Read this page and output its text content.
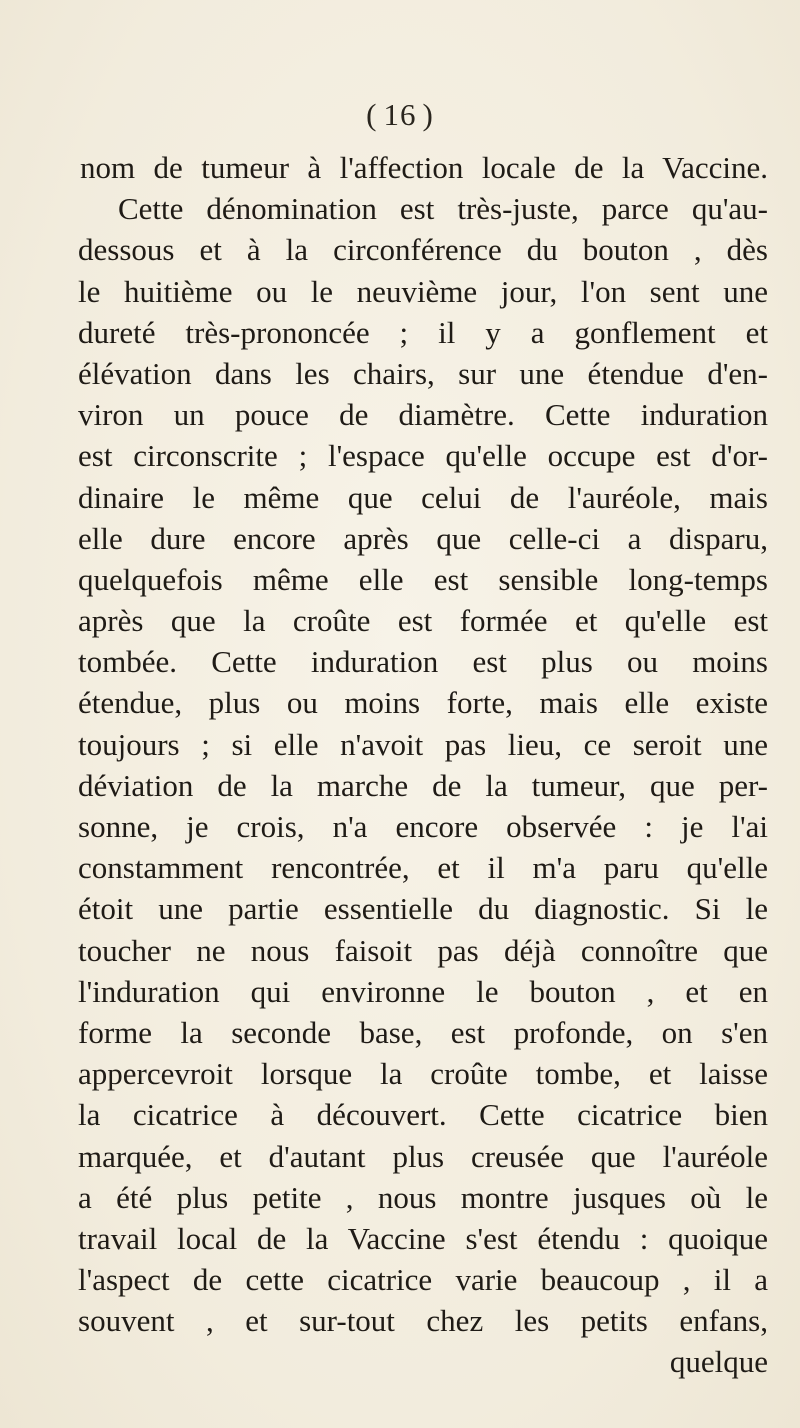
( 16 )
nom de tumeur à l'affection locale de la Vaccine.
Cette dénomination est très-juste, parce qu'au-
dessous et à la circonférence du bouton , dès
le huitième ou le neuvième jour, l'on sent une
dureté très-prononcée ; il y a gonflement et
élévation dans les chairs, sur une étendue d'en-
viron un pouce de diamètre. Cette induration
est circonscrite ; l'espace qu'elle occupe est d'or-
dinaire le même que celui de l'auréole, mais
elle dure encore après que celle-ci a disparu,
quelquefois même elle est sensible long-temps
après que la croûte est formée et qu'elle est
tombée. Cette induration est plus ou moins
étendue, plus ou moins forte, mais elle existe
toujours ; si elle n'avoit pas lieu, ce seroit une
déviation de la marche de la tumeur, que per-
sonne, je crois, n'a encore observée : je l'ai
constamment rencontrée, et il m'a paru qu'elle
étoit une partie essentielle du diagnostic. Si le
toucher ne nous faisoit pas déjà connoître que
l'induration qui environne le bouton , et en
forme la seconde base, est profonde, on s'en
appercevroit lorsque la croûte tombe, et laisse
la cicatrice à découvert. Cette cicatrice bien
marquée, et d'autant plus creusée que l'auréole
a été plus petite , nous montre jusques où le
travail local de la Vaccine s'est étendu : quoique
l'aspect de cette cicatrice varie beaucoup , il a
souvent , et sur-tout chez les petits enfans,
quelque
